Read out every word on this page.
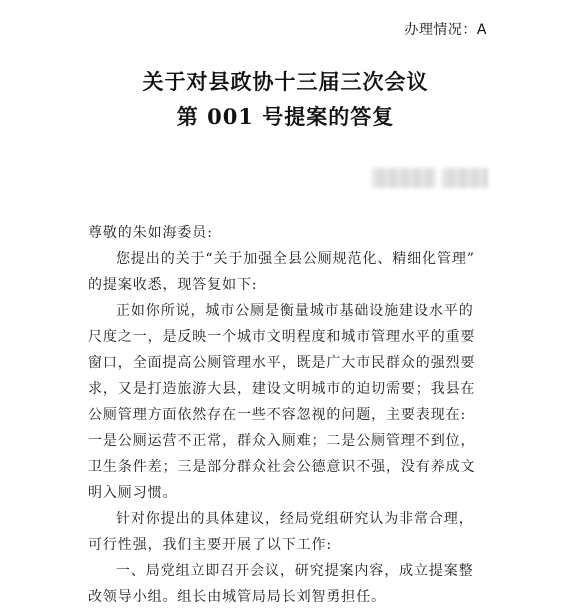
办理情况：A
关于对县政协十三届三次会议
第 001 号提案的答复
尊敬的朱如海委员:
您提出的关于“关于加强全县公厕规范化、精细化管理”
的提案收悉，现答复如下:
正如你所说，城市公厕是衡量城市基础设施建设水平的
尺度之一，是反映一个城市文明程度和城市管理水平的重要
窗口，全面提高公厕管理水平，既是广大市民群众的强烈要
求，又是打造旅游大县，建设文明城市的迫切需要；我县在
公厕管理方面依然存在一些不容忽视的问题，主要表现在:
一是公厕运营不正常，群众入厕难；二是公厕管理不到位，
卫生条件差；三是部分群众社会公德意识不强，没有养成文
明入厕习惯。
针对你提出的具体建议，经局党组研究认为非常合理，
可行性强，我们主要开展了以下工作:
一、局党组立即召开会议，研究提案内容，成立提案整
改领导小组。组长由城管局局长刘智勇担任。
